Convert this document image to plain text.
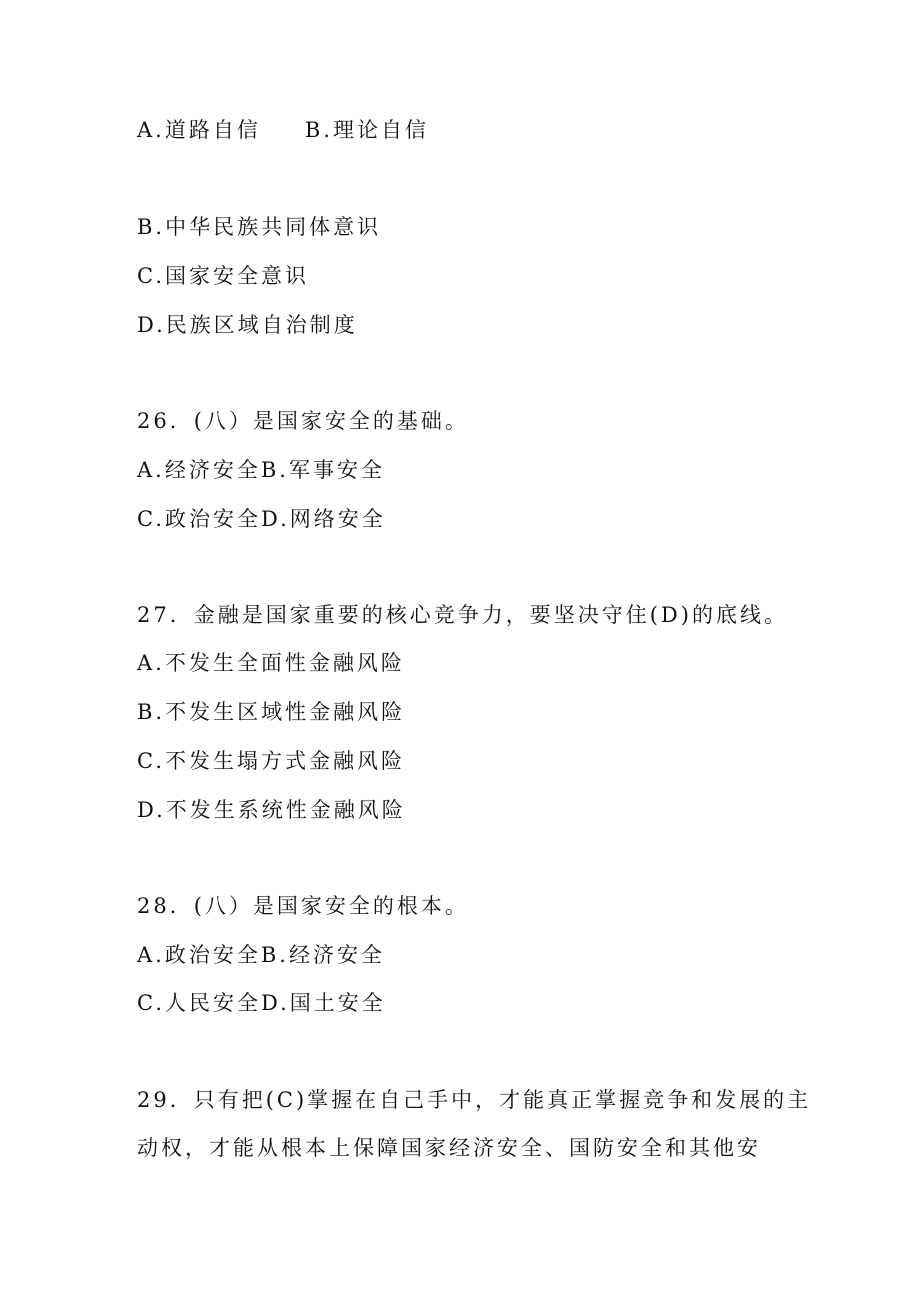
A.道路自信 B.理论自信
B.中华民族共同体意识
C.国家安全意识
D.民族区域自治制度
26．(八）是国家安全的基础。
A.经济安全B.军事安全
C.政治安全D.网络安全
27．金融是国家重要的核心竞争力，要坚决守住(D)的底线。
A.不发生全面性金融风险
B.不发生区域性金融风险
C.不发生塌方式金融风险
D.不发生系统性金融风险
28．(八）是国家安全的根本。
A.政治安全B.经济安全
C.人民安全D.国土安全
29．只有把(C)掌握在自己手中，才能真正掌握竞争和发展的主
动权，才能从根本上保障国家经济安全、国防安全和其他安
